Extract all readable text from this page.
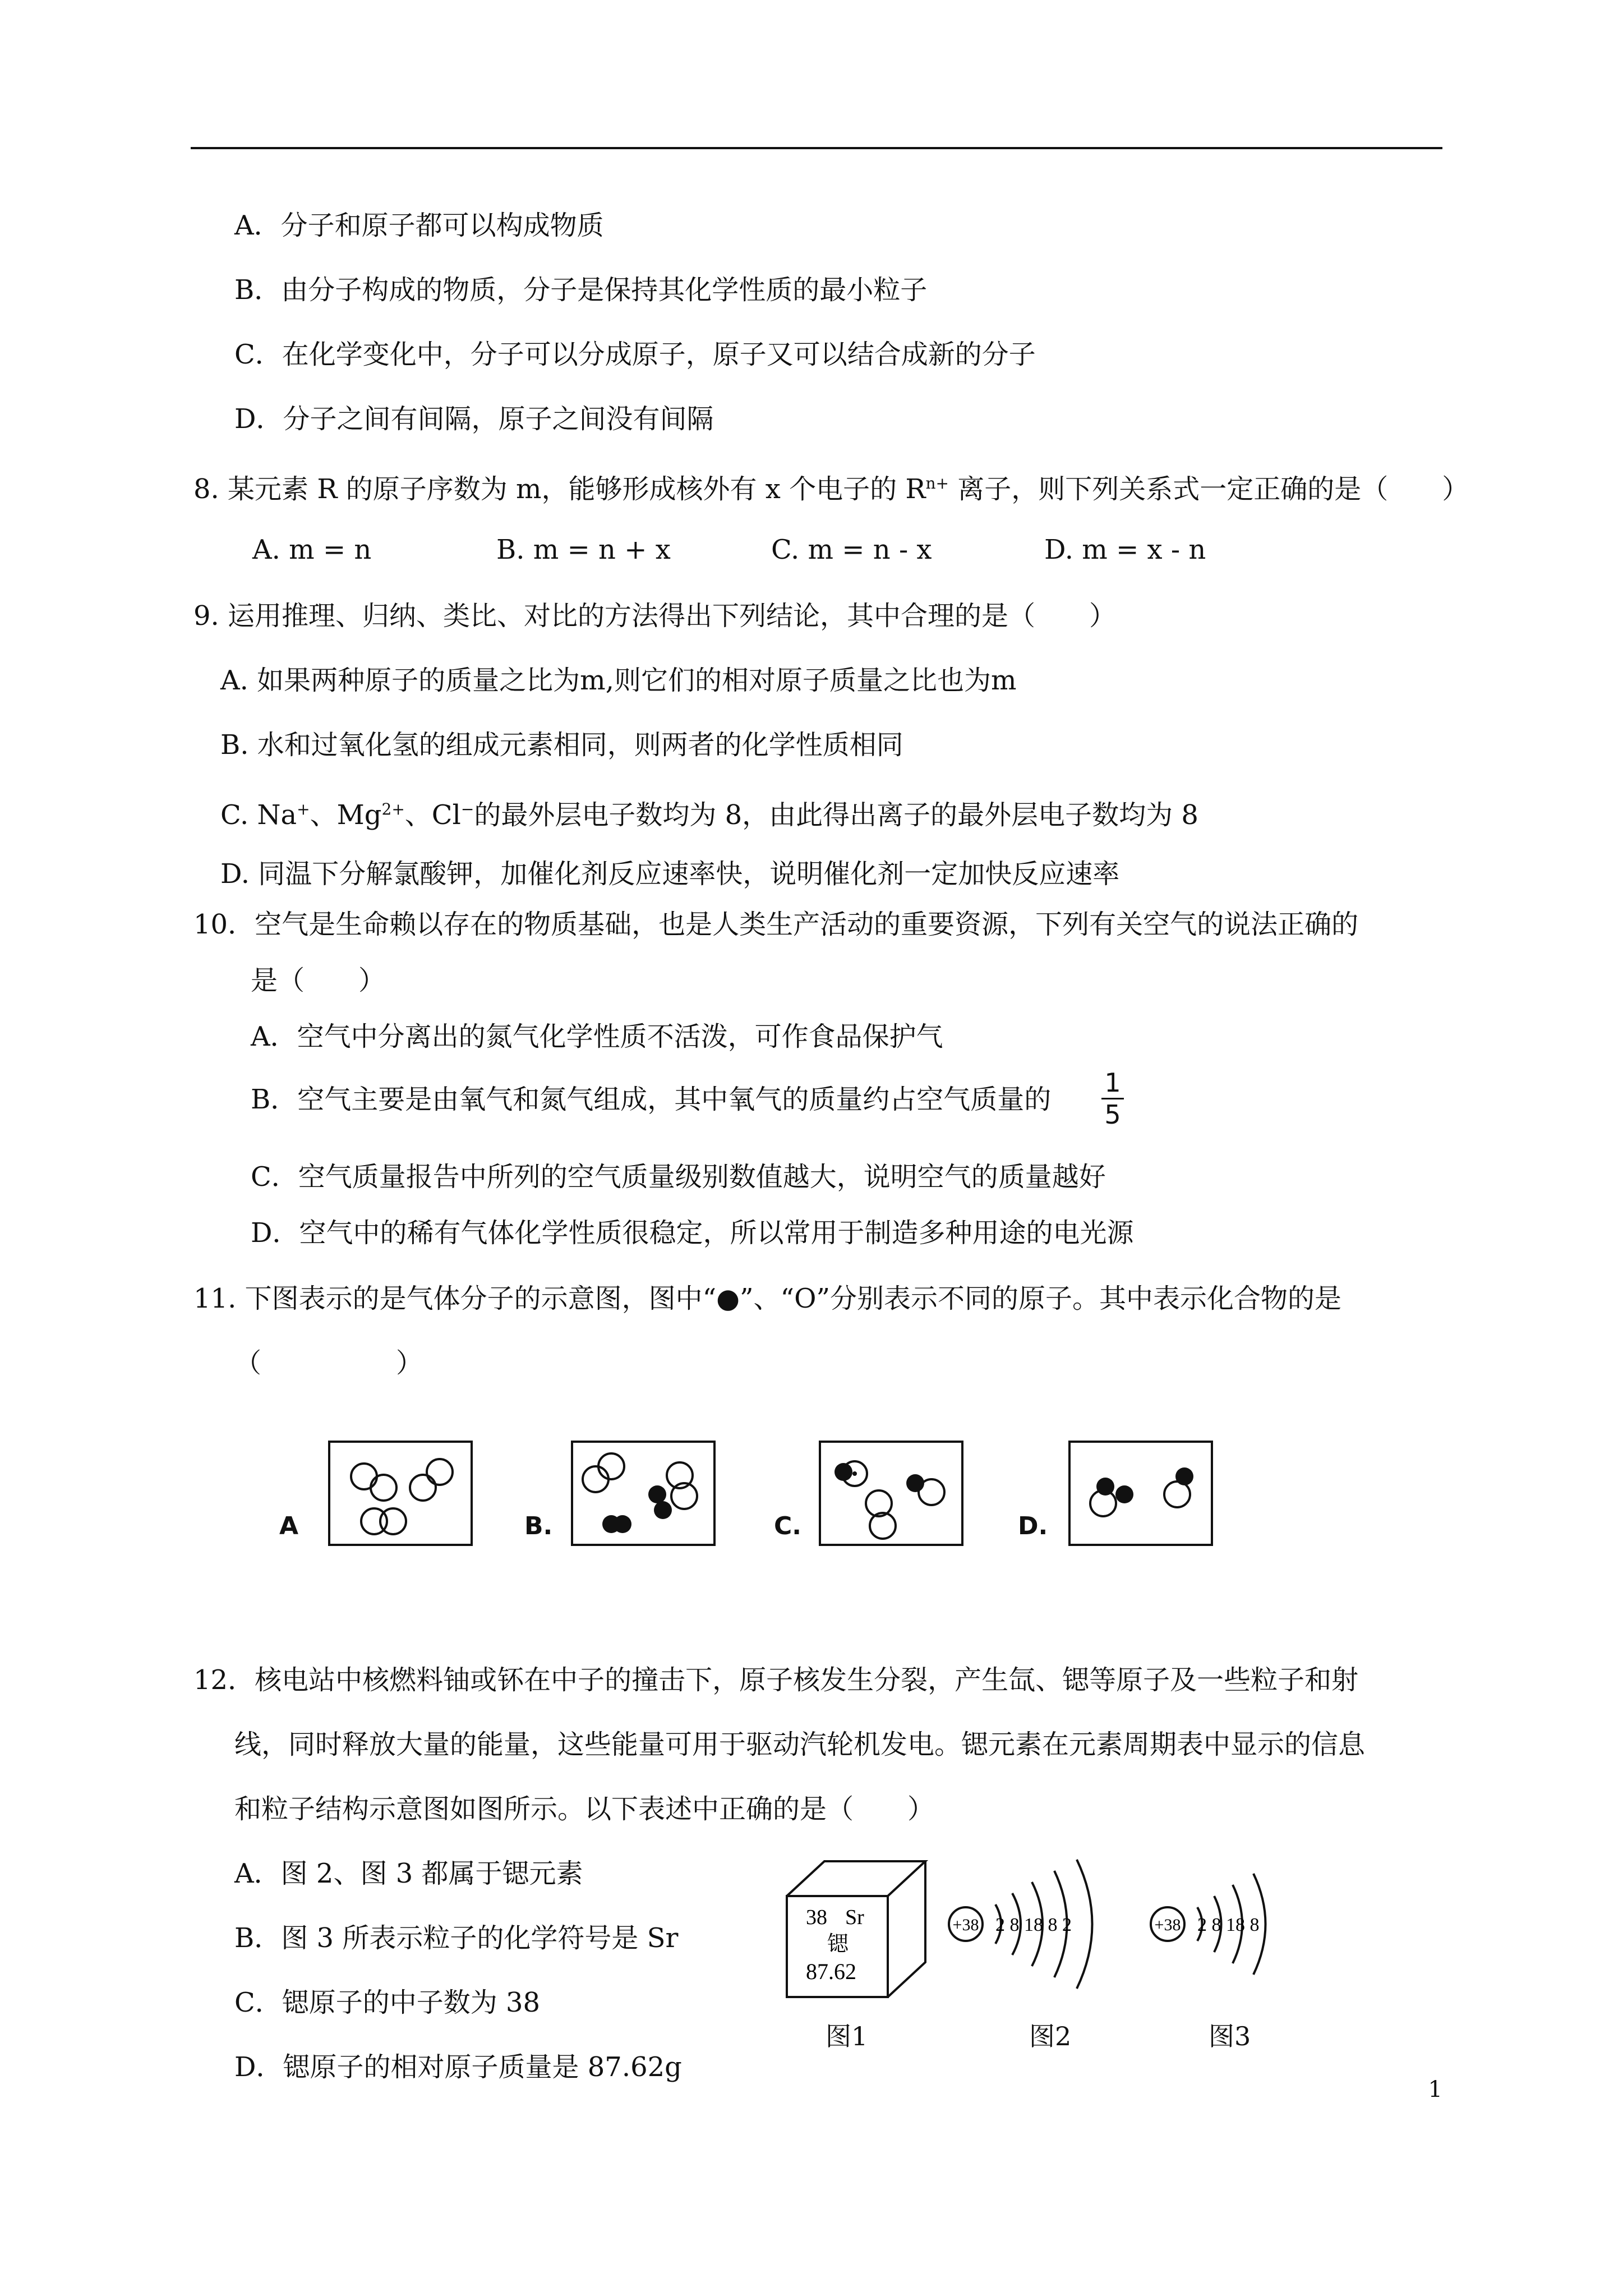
A．分子和原子都可以构成物质
B．由分子构成的物质，分子是保持其化学性质的最小粒子
C．在化学变化中，分子可以分成原子，原子又可以结合成新的分子
D．分子之间有间隔，原子之间没有间隔
8. 某元素 R 的原子序数为 m，能够形成核外有 x 个电子的 $R^{n+}$ 离子，则下列关系式一定正确的是（　　）
A. m = n	B. m = n + x	C. m = n - x	D. m = x - n
9. 运用推理、归纳、类比、对比的方法得出下列结论，其中合理的是（　　）
A. 如果两种原子的质量之比为m,则它们的相对原子质量之比也为m
B. 水和过氧化氢的组成元素相同，则两者的化学性质相同
C. Na+、$Mg^{2+}$、Cl−的最外层电子数均为 8，由此得出离子的最外层电子数均为 8
D. 同温下分解氯酸钾，加催化剂反应速率快，说明催化剂一定加快反应速率
10．空气是生命赖以存在的物质基础，也是人类生产活动的重要资源，下列有关空气的说法正确的
是（　　）
A．空气中分离出的氮气化学性质不活泼，可作食品保护气
B．空气主要是由氧气和氮气组成，其中氧气的质量约占空气质量的
1
5
C．空气质量报告中所列的空气质量级别数值越大，说明空气的质量越好
D．空气中的稀有气体化学性质很稳定，所以常用于制造多种用途的电光源
11. 下图表示的是气体分子的示意图，图中“●”、“O”分别表示不同的原子。其中表示化合物的是
（　　　　　）
A	B.	C.	D.
12．核电站中核燃料铀或钚在中子的撞击下，原子核发生分裂，产生氙、锶等原子及一些粒子和射
线，同时释放大量的能量，这些能量可用于驱动汽轮机发电。锶元素在元素周期表中显示的信息
和粒子结构示意图如图所示。以下表述中正确的是（　　）
A．图 2、图 3 都属于锶元素
B．图 3 所表示粒子的化学符号是 Sr
C．锶原子的中子数为 38
D．锶原子的相对原子质量是 87.62g
38 Sr
锶
87.62
+38 2 8 18 8 2	+38 2 8 18 8
图1	图2	图3
1
